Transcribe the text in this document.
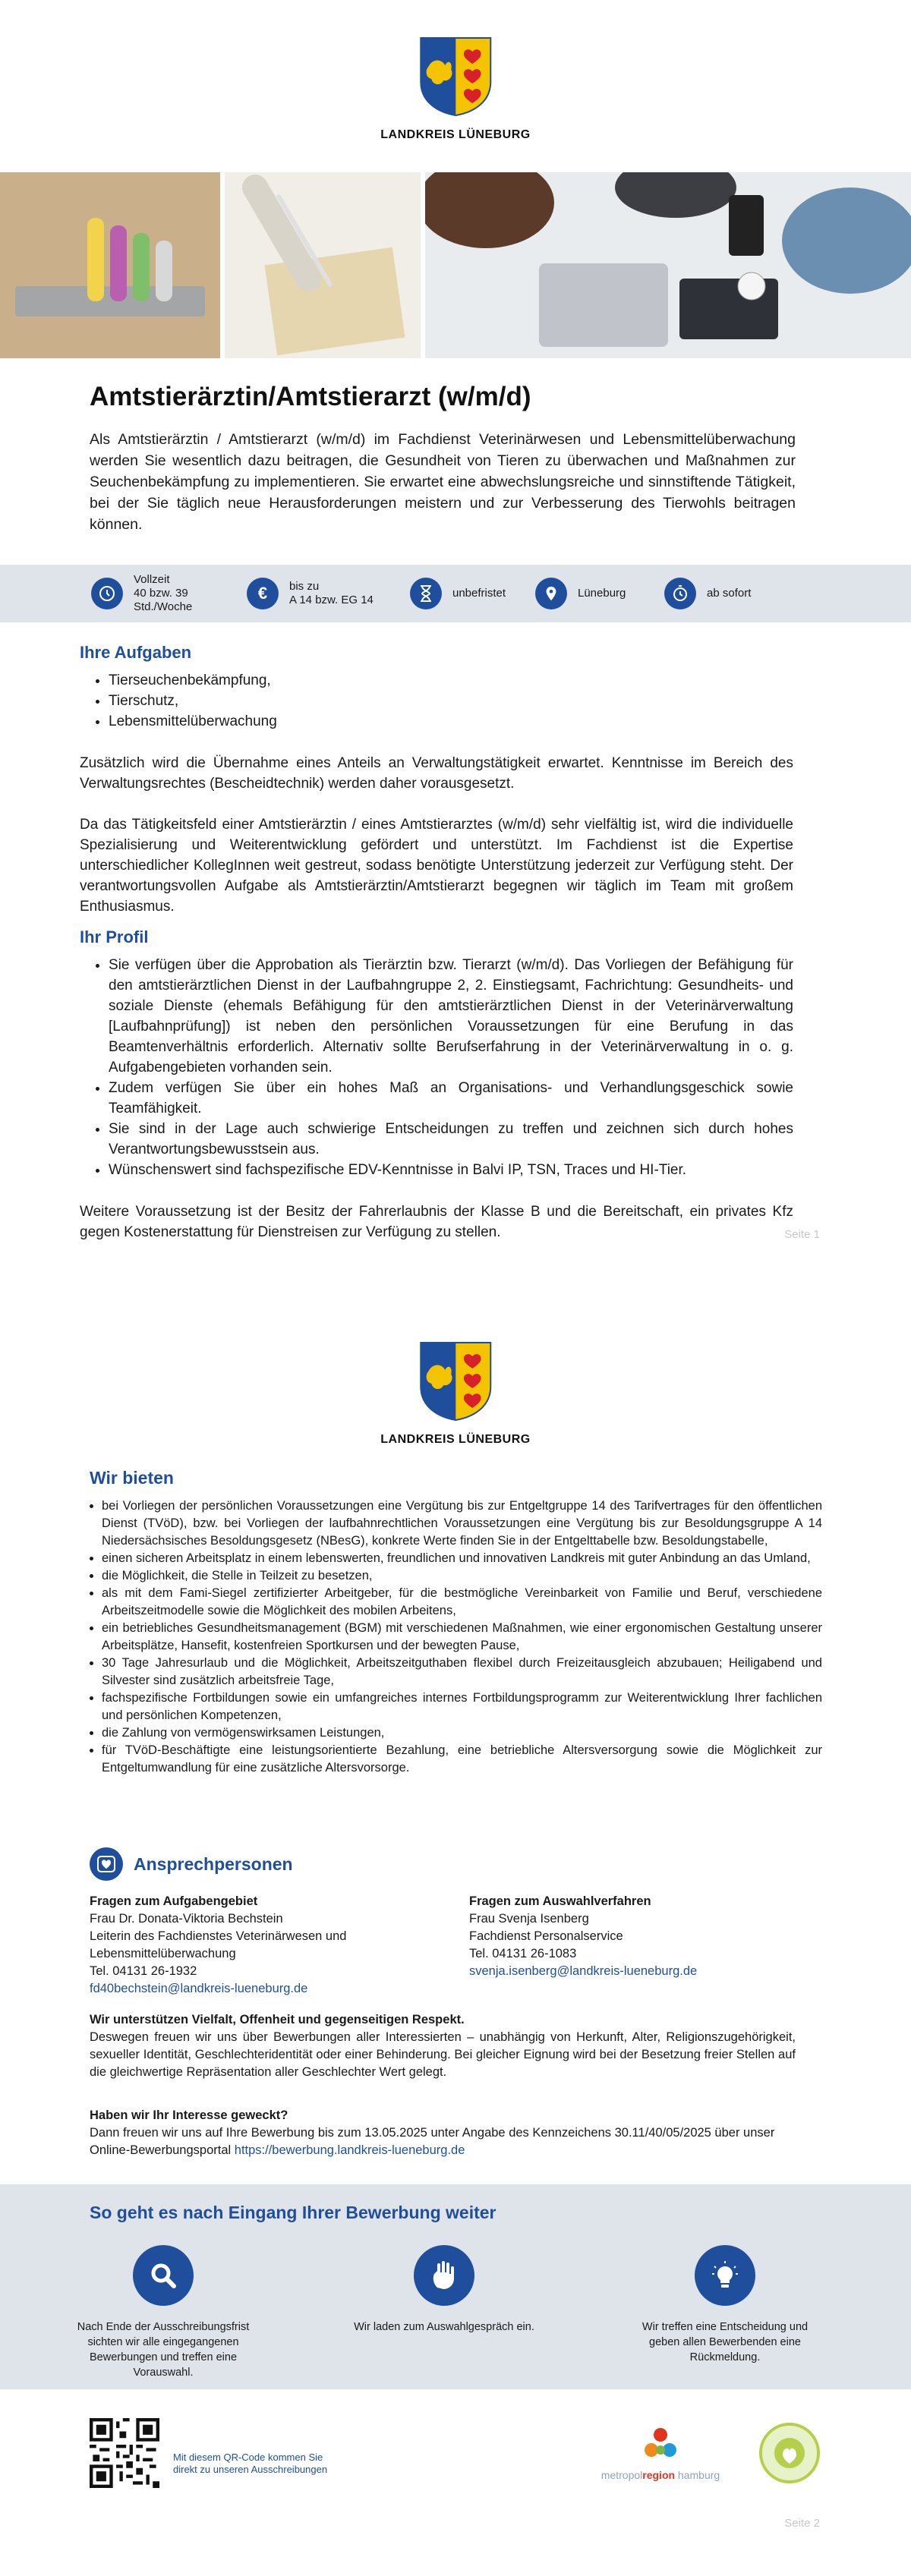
LANDKREIS LÜNEBURG
Amtstierärztin/Amtstierarzt (w/m/d)

Als Amtstierärztin / Amtstierarzt (w/m/d) im Fachdienst Veterinärwesen und Lebensmittelüberwachung werden Sie wesentlich dazu beitragen, die Gesundheit von Tieren zu überwachen und Maßnahmen zur Seuchenbekämpfung zu implementieren. Sie erwartet eine abwechslungsreiche und sinnstiftende Tätigkeit, bei der Sie täglich neue Herausforderungen meistern und zur Verbesserung des Tierwohls beitragen können.

Vollzeit
40 bzw. 39
Std./Woche
€	bis zu
A 14 bzw. EG 14
unbefristet	Lüneburg	ab sofort
Ihre Aufgaben
• Tierseuchenbekämpfung,
• Tierschutz,
• Lebensmittelüberwachung

Zusätzlich wird die Übernahme eines Anteils an Verwaltungstätigkeit erwartet. Kenntnisse im Bereich des Verwaltungsrechtes (Bescheidtechnik) werden daher vorausgesetzt.

Da das Tätigkeitsfeld einer Amtstierärztin / eines Amtstierarztes (w/m/d) sehr vielfältig ist, wird die individuelle Spezialisierung und Weiterentwicklung gefördert und unterstützt. Im Fachdienst ist die Expertise unterschiedlicher KollegInnen weit gestreut, sodass benötigte Unterstützung jederzeit zur Verfügung steht. Der verantwortungsvollen Aufgabe als Amtstierärztin/Amtstierarzt begegnen wir täglich im Team mit großem Enthusiasmus.

Ihr Profil
• Sie verfügen über die Approbation als Tierärztin bzw. Tierarzt (w/m/d). Das Vorliegen der Befähigung für den amtstierärztlichen Dienst in der Laufbahngruppe 2, 2. Einstiegsamt, Fachrichtung: Gesundheits- und soziale Dienste (ehemals Befähigung für den amtstierärztlichen Dienst in der Veterinärverwaltung [Laufbahnprüfung]) ist neben den persönlichen Voraussetzungen für eine Berufung in das Beamtenverhältnis erforderlich. Alternativ sollte Berufserfahrung in der Veterinärverwaltung in o. g. Aufgabengebieten vorhanden sein.
• Zudem verfügen Sie über ein hohes Maß an Organisations- und Verhandlungsgeschick sowie Teamfähigkeit.
• Sie sind in der Lage auch schwierige Entscheidungen zu treffen und zeichnen sich durch hohes Verantwortungsbewusstsein aus.
• Wünschenswert sind fachspezifische EDV-Kenntnisse in Balvi IP, TSN, Traces und HI-Tier.

Weitere Voraussetzung ist der Besitz der Fahrerlaubnis der Klasse B und die Bereitschaft, ein privates Kfz gegen Kostenerstattung für Dienstreisen zur Verfügung zu stellen.	Seite 1
LANDKREIS LÜNEBURG
Wir bieten
• bei Vorliegen der persönlichen Voraussetzungen eine Vergütung bis zur Entgeltgruppe 14 des Tarifvertrages für den öffentlichen Dienst (TVöD), bzw. bei Vorliegen der laufbahnrechtlichen Voraussetzungen eine Vergütung bis zur Besoldungsgruppe A 14 Niedersächsisches Besoldungsgesetz (NBesG), konkrete Werte finden Sie in der Entgelttabelle bzw. Besoldungstabelle,
• einen sicheren Arbeitsplatz in einem lebenswerten, freundlichen und innovativen Landkreis mit guter Anbindung an das Umland,
• die Möglichkeit, die Stelle in Teilzeit zu besetzen,
• als mit dem Fami-Siegel zertifizierter Arbeitgeber, für die bestmögliche Vereinbarkeit von Familie und Beruf, verschiedene Arbeitszeitmodelle sowie die Möglichkeit des mobilen Arbeitens,
• ein betriebliches Gesundheitsmanagement (BGM) mit verschiedenen Maßnahmen, wie einer ergonomischen Gestaltung unserer Arbeitsplätze, Hansefit, kostenfreien Sportkursen und der bewegten Pause,
• 30 Tage Jahresurlaub und die Möglichkeit, Arbeitszeitguthaben flexibel durch Freizeitausgleich abzubauen; Heiligabend und Silvester sind zusätzlich arbeitsfreie Tage,
• fachspezifische Fortbildungen sowie ein umfangreiches internes Fortbildungsprogramm zur Weiterentwicklung Ihrer fachlichen und persönlichen Kompetenzen,
• die Zahlung von vermögenswirksamen Leistungen,
• für TVöD-Beschäftigte eine leistungsorientierte Bezahlung, eine betriebliche Altersversorgung sowie die Möglichkeit zur Entgeltumwandlung für eine zusätzliche Altersvorsorge.
Ansprechpersonen
Fragen zum Aufgabengebiet
Frau Dr. Donata-Viktoria Bechstein
Leiterin des Fachdienstes Veterinärwesen und Lebensmittelüberwachung
Tel. 04131 26-1932
fd40bechstein@landkreis-lueneburg.de
Fragen zum Auswahlverfahren
Frau Svenja Isenberg
Fachdienst Personalservice
Tel. 04131 26-1083
svenja.isenberg@landkreis-lueneburg.de
Wir unterstützen Vielfalt, Offenheit und gegenseitigen Respekt.

Deswegen freuen wir uns über Bewerbungen aller Interessierten – unabhängig von Herkunft, Alter, Religionszugehörigkeit, sexueller Identität, Geschlechteridentität oder einer Behinderung. Bei gleicher Eignung wird bei der Besetzung freier Stellen auf die gleichwertige Repräsentation aller Geschlechter Wert gelegt.

Haben wir Ihr Interesse geweckt?

Dann freuen wir uns auf Ihre Bewerbung bis zum 13.05.2025 unter Angabe des Kennzeichens 30.11/40/05/2025 über unser Online-Bewerbungsportal https://bewerbung.landkreis-lueneburg.de

So geht es nach Eingang Ihrer Bewerbung weiter
Nach Ende der Ausschreibungsfrist sichten wir alle eingegangenen Bewerbungen und treffen eine Vorauswahl.
Wir laden zum Auswahlgespräch ein.	Wir treffen eine Entscheidung und geben allen Bewerbenden eine Rückmeldung.
Mit diesem QR-Code kommen Sie direkt zu unseren Ausschreibungen	metropolregion hamburg
Seite 2
